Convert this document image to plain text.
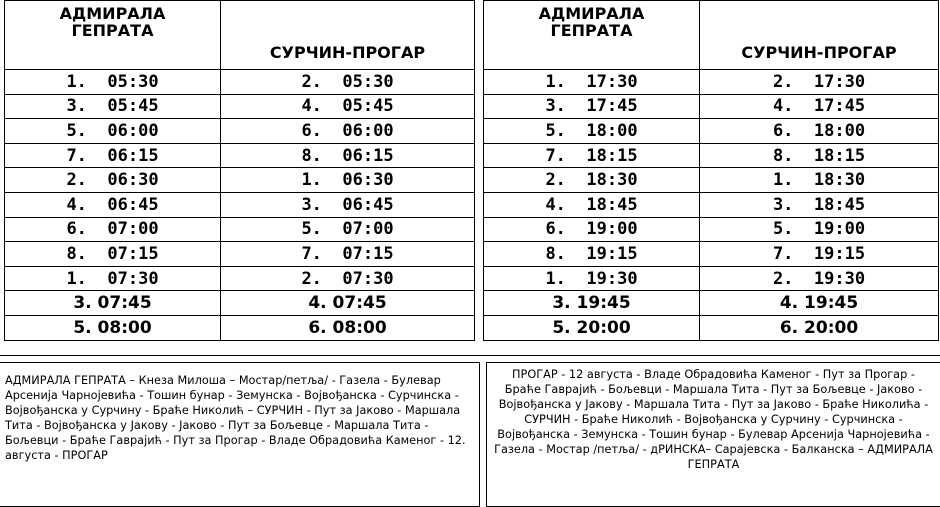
АДМИРАЛА
ГЕПРАТА	СУРЧИН-ПРОГАР
1.  05:30	2.  05:30
3.  05:45	4.  05:45
5.  06:00	6.  06:00
7.  06:15	8.  06:15
2.  06:30	1.  06:30
4.  06:45	3.  06:45
6.  07:00	5.  07:00
8.  07:15	7.  07:15
1.  07:30	2.  07:30
3. 07:45	4. 07:45
5. 08:00	6. 08:00
АДМИРАЛА
ГЕПРАТА	СУРЧИН-ПРОГАР
1.  17:30	2.  17:30
3.  17:45	4.  17:45
5.  18:00	6.  18:00
7.  18:15	8.  18:15
2.  18:30	1.  18:30
4.  18:45	3.  18:45
6.  19:00	5.  19:00
8.  19:15	7.  19:15
1.  19:30	2.  19:30
3. 19:45	4. 19:45
5. 20:00	6. 20:00
АДМИРАЛА ГЕПРАТА – Кнеза Милоша – Мостар/петља/ - Газела - Булевар Арсенија Чарнојевића - Тошин бунар - Земунска - Војвођанска - Сурчинска - Војвођанска у Сурчину - Браће Николић – СУРЧИН - Пут за Јаково - Маршала Тита - Војвођанска у Јакову - Јаково - Пут за Бољевце - Маршала Тита - Бољевци - Браће Гаврајић - Пут за Прогар - Владе Обрадовића Каменог - 12. августа - ПРОГАР
ПРОГАР - 12 августа - Владе Обрадовића Каменог - Пут за Прогар - Браће Гаврајић - Бољевци - Маршала Тита - Пут за Бољевце - Јаково - Војвођанска у Јакову - Маршала Тита - Пут за Јаково - Браће Николића - СУРЧИН - Браће Николић - Војвођанска у Сурчину - Сурчинска - Војвођанска - Земунска - Тошин бунар - Булевар Арсенија Чарнојевића - Газела - Мостар /петља/ - дРИНСКА– Сарајевска - Балканска – АДМИРАЛА ГЕПРАТА
